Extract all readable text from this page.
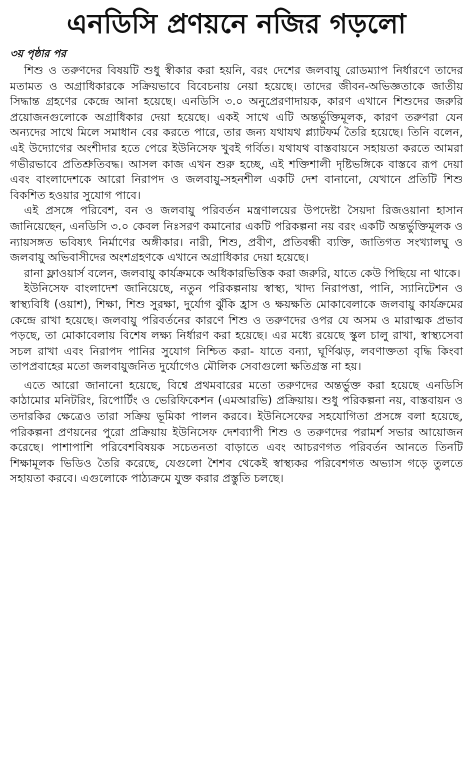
এনডিসি প্রণয়নে নজির গড়লো
৩য় পৃষ্ঠার পর

শিশু ও তরুণদের বিষয়টি শুধু স্বীকার করা হয়নি, বরং দেশের জলবায়ু রোডম্যাপ নির্ধারণে তাদের মতামত ও অগ্রাধিকারকে সক্রিয়ভাবে বিবেচনায় নেয়া হয়েছে। তাদের জীবন-অভিজ্ঞতাকে জাতীয় সিদ্ধান্ত গ্রহণের কেন্দ্রে আনা হয়েছে। এনডিসি ৩.০ অনুপ্রেরণাদায়ক, কারণ এখানে শিশুদের জরুরি প্রয়োজনগুলোকে অগ্রাধিকার দেয়া হয়েছে। একই সাথে এটি অন্তর্ভুক্তিমূলক, কারণ তরুণরা যেন অন্যদের সাথে মিলে সমাধান বের করতে পারে, তার জন্য যথাযথ প্ল্যাটফর্ম তৈরি হয়েছে। তিনি বলেন, এই উদ্যোগের অংশীদার হতে পেরে ইউনিসেফ খুবই গর্বিত। যথাযথ বাস্তবায়নে সহায়তা করতে আমরা গভীরভাবে প্রতিশ্রুতিবদ্ধ। আসল কাজ এখন শুরু হচ্ছে, এই শক্তিশালী দৃষ্টিভঙ্গিকে বাস্তবে রূপ দেয়া এবং বাংলাদেশকে আরো নিরাপদ ও জলবায়ু-সহনশীল একটি দেশ বানানো, যেখানে প্রতিটি শিশু বিকশিত হওয়ার সুযোগ পাবে।

এই প্রসঙ্গে পরিবেশ, বন ও জলবায়ু পরিবর্তন মন্ত্রণালয়ের উপদেষ্টা সৈয়দা রিজওয়ানা হাসান জানিয়েছেন, এনডিসি ৩.০ কেবল নিঃসরণ কমানোর একটি পরিকল্পনা নয় বরং একটি অন্তর্ভুক্তিমূলক ও ন্যায়সঙ্গত ভবিষ্যৎ নির্মাণের অঙ্গীকার। নারী, শিশু, প্রবীণ, প্রতিবন্ধী ব্যক্তি, জাতিগত সংখ্যালঘু ও জলবায়ু অভিবাসীদের অংশগ্রহণকে এখানে অগ্রাধিকার দেয়া হয়েছে।

রানা ফ্লাওয়ার্স বলেন, জলবায়ু কার্যক্রমকে অধিকারভিত্তিক করা জরুরি, যাতে কেউ পিছিয়ে না থাকে।

ইউনিসেফ বাংলাদেশ জানিয়েছে, নতুন পরিকল্পনায় স্বাস্থ্য, খাদ্য নিরাপত্তা, পানি, স্যানিটেশন ও স্বাস্থ্যবিধি (ওয়াশ), শিক্ষা, শিশু সুরক্ষা, দুর্যোগ ঝুঁকি হ্রাস ও ক্ষয়ক্ষতি মোকাবেলাকে জলবায়ু কার্যক্রমের কেন্দ্রে রাখা হয়েছে। জলবায়ু পরিবর্তনের কারণে শিশু ও তরুণদের ওপর যে অসম ও মারাত্মক প্রভাব পড়ছে, তা মোকাবেলায় বিশেষ লক্ষ্য নির্ধারণ করা হয়েছে। এর মধ্যে রয়েছে স্কুল চালু রাখা, স্বাস্থ্যসেবা সচল রাখা এবং নিরাপদ পানির সুযোগ নিশ্চিত করা- যাতে বন্যা, ঘূর্ণিঝড়, লবণাক্ততা বৃদ্ধি কিংবা তাপপ্রবাহের মতো জলবায়ুজনিত দুর্যোগেও মৌলিক সেবাগুলো ক্ষতিগ্রস্ত না হয়।

এতে আরো জানানো হয়েছে, বিশ্বে প্রথমবারের মতো তরুণদের অন্তর্ভুক্ত করা হয়েছে এনডিসি কাঠামোর মনিটরিং, রিপোর্টিং ও ভেরিফিকেশন (এমআরভি) প্রক্রিয়ায়। শুধু পরিকল্পনা নয়, বাস্তবায়ন ও তদারকির ক্ষেত্রেও তারা সক্রিয় ভূমিকা পালন করবে। ইউনিসেফের সহযোগিতা প্রসঙ্গে বলা হয়েছে, পরিকল্পনা প্রণয়নের পুরো প্রক্রিয়ায় ইউনিসেফ দেশব্যাপী শিশু ও তরুণদের পরামর্শ সভার আয়োজন করেছে। পাশাপাশি পরিবেশবিষয়ক সচেতনতা বাড়াতে এবং আচরণগত পরিবর্তন আনতে তিনটি শিক্ষামূলক ভিডিও তৈরি করেছে, যেগুলো শৈশব থেকেই স্বাস্থ্যকর পরিবেশগত অভ্যাস গড়ে তুলতে সহায়তা করবে। এগুলোকে পাঠ্যক্রমে যুক্ত করার প্রস্তুতি চলছে।
